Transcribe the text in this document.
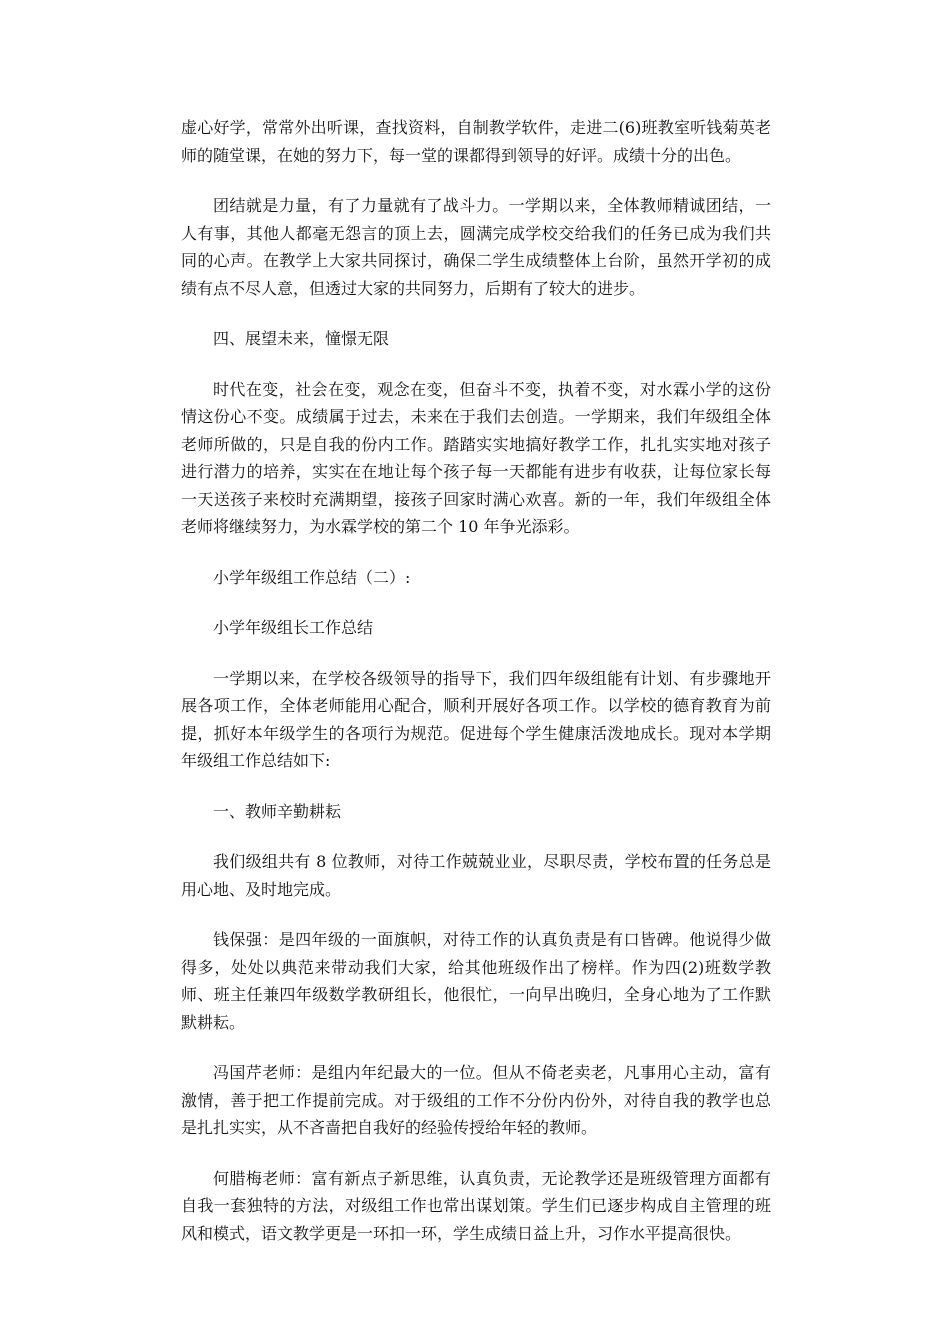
虚心好学，常常外出听课，查找资料，自制教学软件，走进二(6)班教室听钱菊英老师的随堂课，在她的努力下，每一堂的课都得到领导的好评。成绩十分的出色。

团结就是力量，有了力量就有了战斗力。一学期以来，全体教师精诚团结，一人有事，其他人都毫无怨言的顶上去，圆满完成学校交给我们的任务已成为我们共同的心声。在教学上大家共同探讨，确保二学生成绩整体上台阶，虽然开学初的成绩有点不尽人意，但透过大家的共同努力，后期有了较大的进步。

四、展望未来，憧憬无限

时代在变，社会在变，观念在变，但奋斗不变，执着不变，对水霖小学的这份情这份心不变。成绩属于过去，未来在于我们去创造。一学期来，我们年级组全体老师所做的，只是自我的份内工作。踏踏实实地搞好教学工作，扎扎实实地对孩子进行潜力的培养，实实在在地让每个孩子每一天都能有进步有收获，让每位家长每一天送孩子来校时充满期望，接孩子回家时满心欢喜。新的一年，我们年级组全体老师将继续努力，为水霖学校的第二个 10 年争光添彩。

小学年级组工作总结（二）:

小学年级组长工作总结

一学期以来，在学校各级领导的指导下，我们四年级组能有计划、有步骤地开展各项工作，全体老师能用心配合，顺利开展好各项工作。以学校的德育教育为前提，抓好本年级学生的各项行为规范。促进每个学生健康活泼地成长。现对本学期年级组工作总结如下:

一、教师辛勤耕耘

我们级组共有 8 位教师，对待工作兢兢业业，尽职尽责，学校布置的任务总是用心地、及时地完成。

钱保强：是四年级的一面旗帜，对待工作的认真负责是有口皆碑。他说得少做得多，处处以典范来带动我们大家，给其他班级作出了榜样。作为四(2)班数学教师、班主任兼四年级数学教研组长，他很忙，一向早出晚归，全身心地为了工作默默耕耘。

冯国芹老师：是组内年纪最大的一位。但从不倚老卖老，凡事用心主动，富有激情，善于把工作提前完成。对于级组的工作不分份内份外，对待自我的教学也总是扎扎实实，从不吝啬把自我好的经验传授给年轻的教师。

何腊梅老师：富有新点子新思维，认真负责，无论教学还是班级管理方面都有自我一套独特的方法，对级组工作也常出谋划策。学生们已逐步构成自主管理的班风和模式，语文教学更是一环扣一环，学生成绩日益上升，习作水平提高很快。
